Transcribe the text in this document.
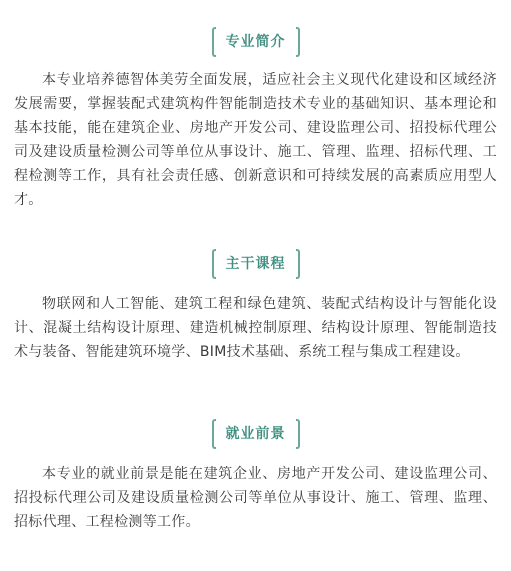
专业简介

本专业培养德智体美劳全面发展，适应社会主义现代化建设和区域经济发展需要，掌握装配式建筑构件智能制造技术专业的基础知识、基本理论和基本技能，能在建筑企业、房地产开发公司、建设监理公司、招投标代理公司及建设质量检测公司等单位从事设计、施工、管理、监理、招标代理、工程检测等工作，具有社会责任感、创新意识和可持续发展的高素质应用型人才。

主干课程

物联网和人工智能、建筑工程和绿色建筑、装配式结构设计与智能化设计、混凝土结构设计原理、建造机械控制原理、结构设计原理、智能制造技术与装备、智能建筑环境学、BIM技术基础、系统工程与集成工程建设。

就业前景

本专业的就业前景是能在建筑企业、房地产开发公司、建设监理公司、招投标代理公司及建设质量检测公司等单位从事设计、施工、管理、监理、招标代理、工程检测等工作。
